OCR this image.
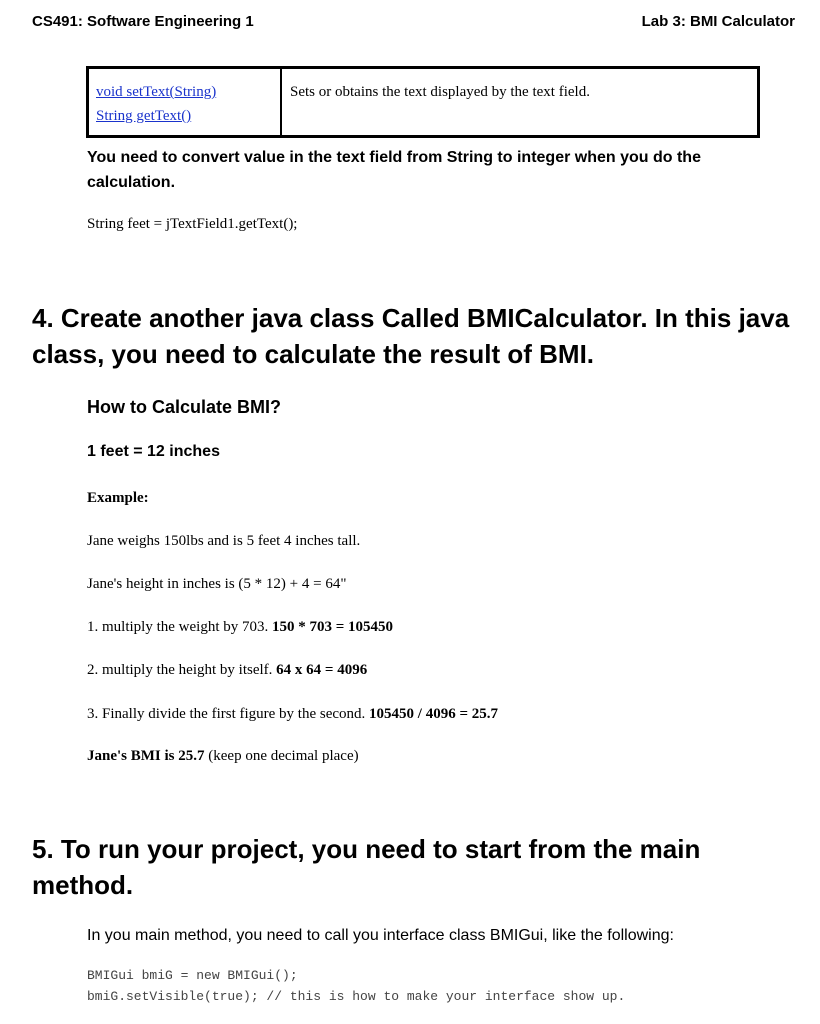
CS491: Software Engineering 1	Lab 3: BMI Calculator
void setText(String)
String getText()
Sets or obtains the text displayed by the text field.
You need to convert value in the text field from String to integer when you do the calculation.
String feet = jTextField1.getText();
4. Create another java class Called BMICalculator. In this java class, you need to calculate the result of BMI.
How to Calculate BMI?
1 feet = 12 inches
Example:
Jane weighs 150lbs and is 5 feet 4 inches tall.
Jane's height in inches is (5 * 12) + 4 = 64"
1. multiply the weight by 703. 150 * 703 = 105450
2. multiply the height by itself. 64 x 64 = 4096
3. Finally divide the first figure by the second. 105450 / 4096 = 25.7
Jane's BMI is 25.7 (keep one decimal place)
5. To run your project, you need to start from the main method.
In you main method, you need to call you interface class BMIGui, like the following:
BMIGui bmiG = new BMIGui();
bmiG.setVisible(true); // this is how to make your interface show up.
